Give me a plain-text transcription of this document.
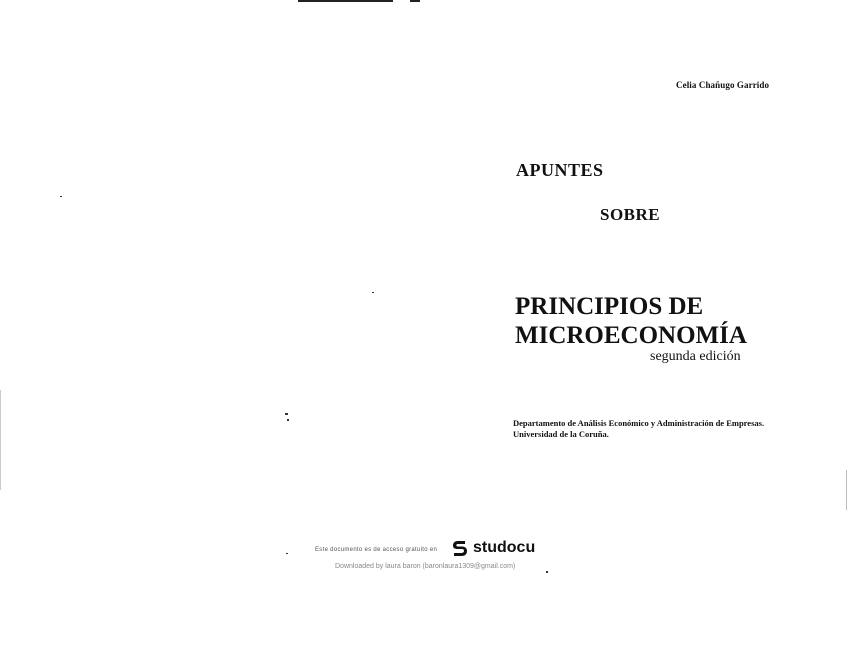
Celia Chañugo Garrido
APUNTES
SOBRE
PRINCIPIOS DE
MICROECONOMÍA
segunda edición
Departamento de Análisis Económico y Administración de Empresas.
Universidad de la Coruña.
Este documento es de acceso gratuito en studocu
Downloaded by laura baron (baronlaura1309@gmail.com)
